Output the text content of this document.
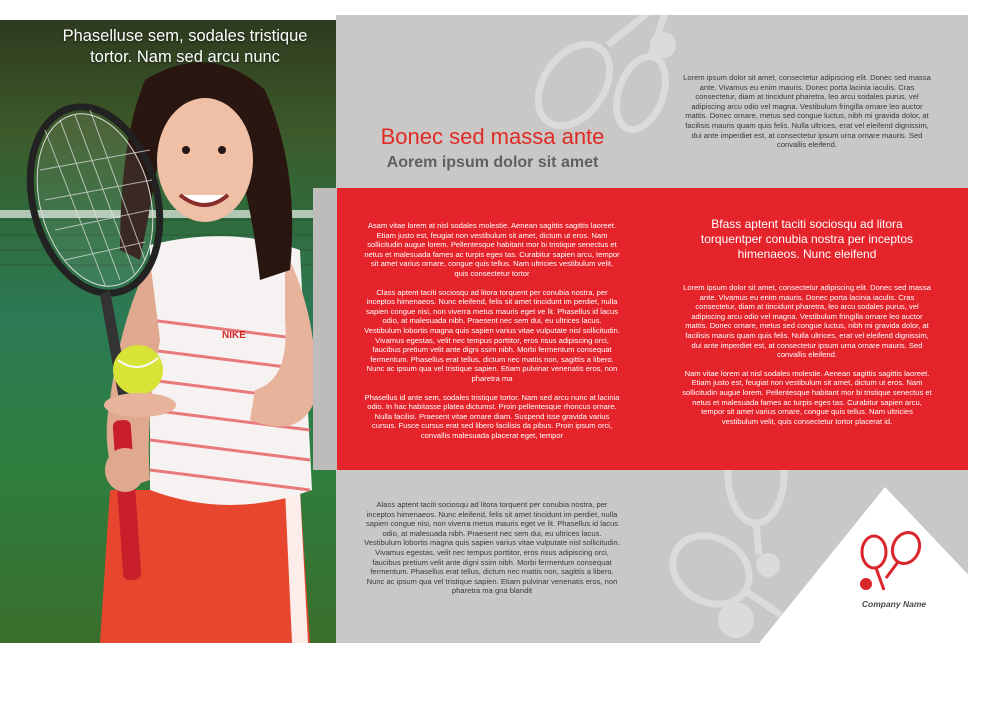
NIKE
Phaselluse sem, sodales tristique tortor. Nam sed arcu nunc
Bonec sed massa ante
Aorem ipsum dolor sit amet
Lorem ipsum dolor sit amet, consectetur adipiscing elit. Donec sed massa ante. Vivamus eu enim mauris. Donec porta lacinia iaculis. Cras consectetur, diam at tincidunt pharetra, leo arcu sodales purus, vel adipiscing arcu odio vel magna. Vestibulum fringilla ornare leo auctor mattis. Donec ornare, metus sed congue luctus, nibh mi gravida dolor, at facilisis mauris quam quis felis. Nulla ultrices, erat vel eleifend dignissim, dui ante imperdiet est, at consectetur ipsum urna ornare mauris. Sed convallis eleifend.
Asam vitae lorem at nisl sodales molestie. Aenean sagittis sagittis laoreet. Etiam justo est, feugiat non vestibulum sit amet, dictum ut eros. Nam sollicitudin augue lorem. Pellentesque habitant mor bi tristique senectus et netus et malesuada fames ac turpis eges tas. Curabitur sapien arcu, tempor sit amet varius ornare, congue quis tellus. Nam ultricies vestibulum velit, quis consectetur tortor
Class aptent taciti sociosqu ad litora torquent per conubia nostra, per inceptos himenaeos. Nunc eleifend, felis sit amet tincidunt im perdiet, nulla sapien congue nisi, non viverra metus mauris eget ve lit. Phasellus id lacus odio, at malesuada nibh. Praesent nec sem dui, eu ultrices lacus. Vestibulum lobortis magna quis sapien varius vitae vulputate nisl sollicitudin. Vivamus egestas, velit nec tempus porttitor, eros risus adipiscing orci, faucibus pretium velit ante digni ssim nibh. Morbi fermentum consequat fermentum. Phasellus erat tellus, dictum nec mattis non, sagittis a libero. Nunc ac ipsum qua vel tristique sapien. Etiam pulvinar venenatis eros, non pharetra ma
Phasellus id ante sem, sodales tristique tortor. Nam sed arcu nunc at lacinia odio. In hac habitasse platea dictumst. Proin pellentesque rhoncus ornare. Nulla facilisi. Praesent vitae ornare diam. Suspend isse gravida varius cursus. Fusce cursus erat sed libero facilisis da pibus. Proin ipsum orci, convallis malesuada placerat eget, tempor
Bfass aptent taciti sociosqu ad litora torquentper conubia nostra per inceptos himenaeos. Nunc eleifend
Lorem ipsum dolor sit amet, consectetur adipiscing elit. Donec sed massa ante. Vivamus eu enim mauris. Donec porta lacinia iaculis. Cras consectetur, diam at tincidunt pharetra, leo arcu sodales purus, vel adipiscing arcu odio vel magna. Vestibulum fringilla ornare leo auctor mattis. Donec ornare, metus sed congue luctus, nibh mi gravida dolor, at facilisis mauris quam quis felis. Nulla ultrices, erat vel eleifend dignissim, dui ante imperdiet est, at consectetur ipsum urna ornare mauris. Sed convallis eleifend.
Nam vitae lorem at nisl sodales molestie. Aenean sagittis sagittis laoreet. Etiam justo est, feugiat non vestibulum sit amet, dictum ut eros. Nam sollicitudin augue lorem. Pellentesque habitant mor bi tristique senectus et netus et malesuada fames ac turpis eges tas. Curabitur sapien arcu, tempor sit amet varius ornare, congue quis tellus. Nam ultricies vestibulum velit, quis consectetur tortor placerat id.
Alass aptent taciti sociosqu ad litora torquent per conubia nostra, per inceptos himenaeos. Nunc eleifend, felis sit amet tincidunt im perdiet, nulla sapien congue nisi, non viverra metus mauris eget ve lit. Phasellus id lacus odio, at malesuada nibh. Praesent nec sem dui, eu ultrices lacus. Vestibulum lobortis magna quis sapien varius vitae vulputate nisl sollicitudin. Vivamus egestas, velit nec tempus porttitor, eros risus adipiscing orci, faucibus pretium velit ante digni ssim nibh. Morbi fermentum consequat fermentum. Phasellus erat tellus, dictum nec mattis non, sagittis a libero. Nunc ac ipsum qua vel tristique sapien. Etiam pulvinar venenatis eros, non pharetra ma gna blandit
Company Name
